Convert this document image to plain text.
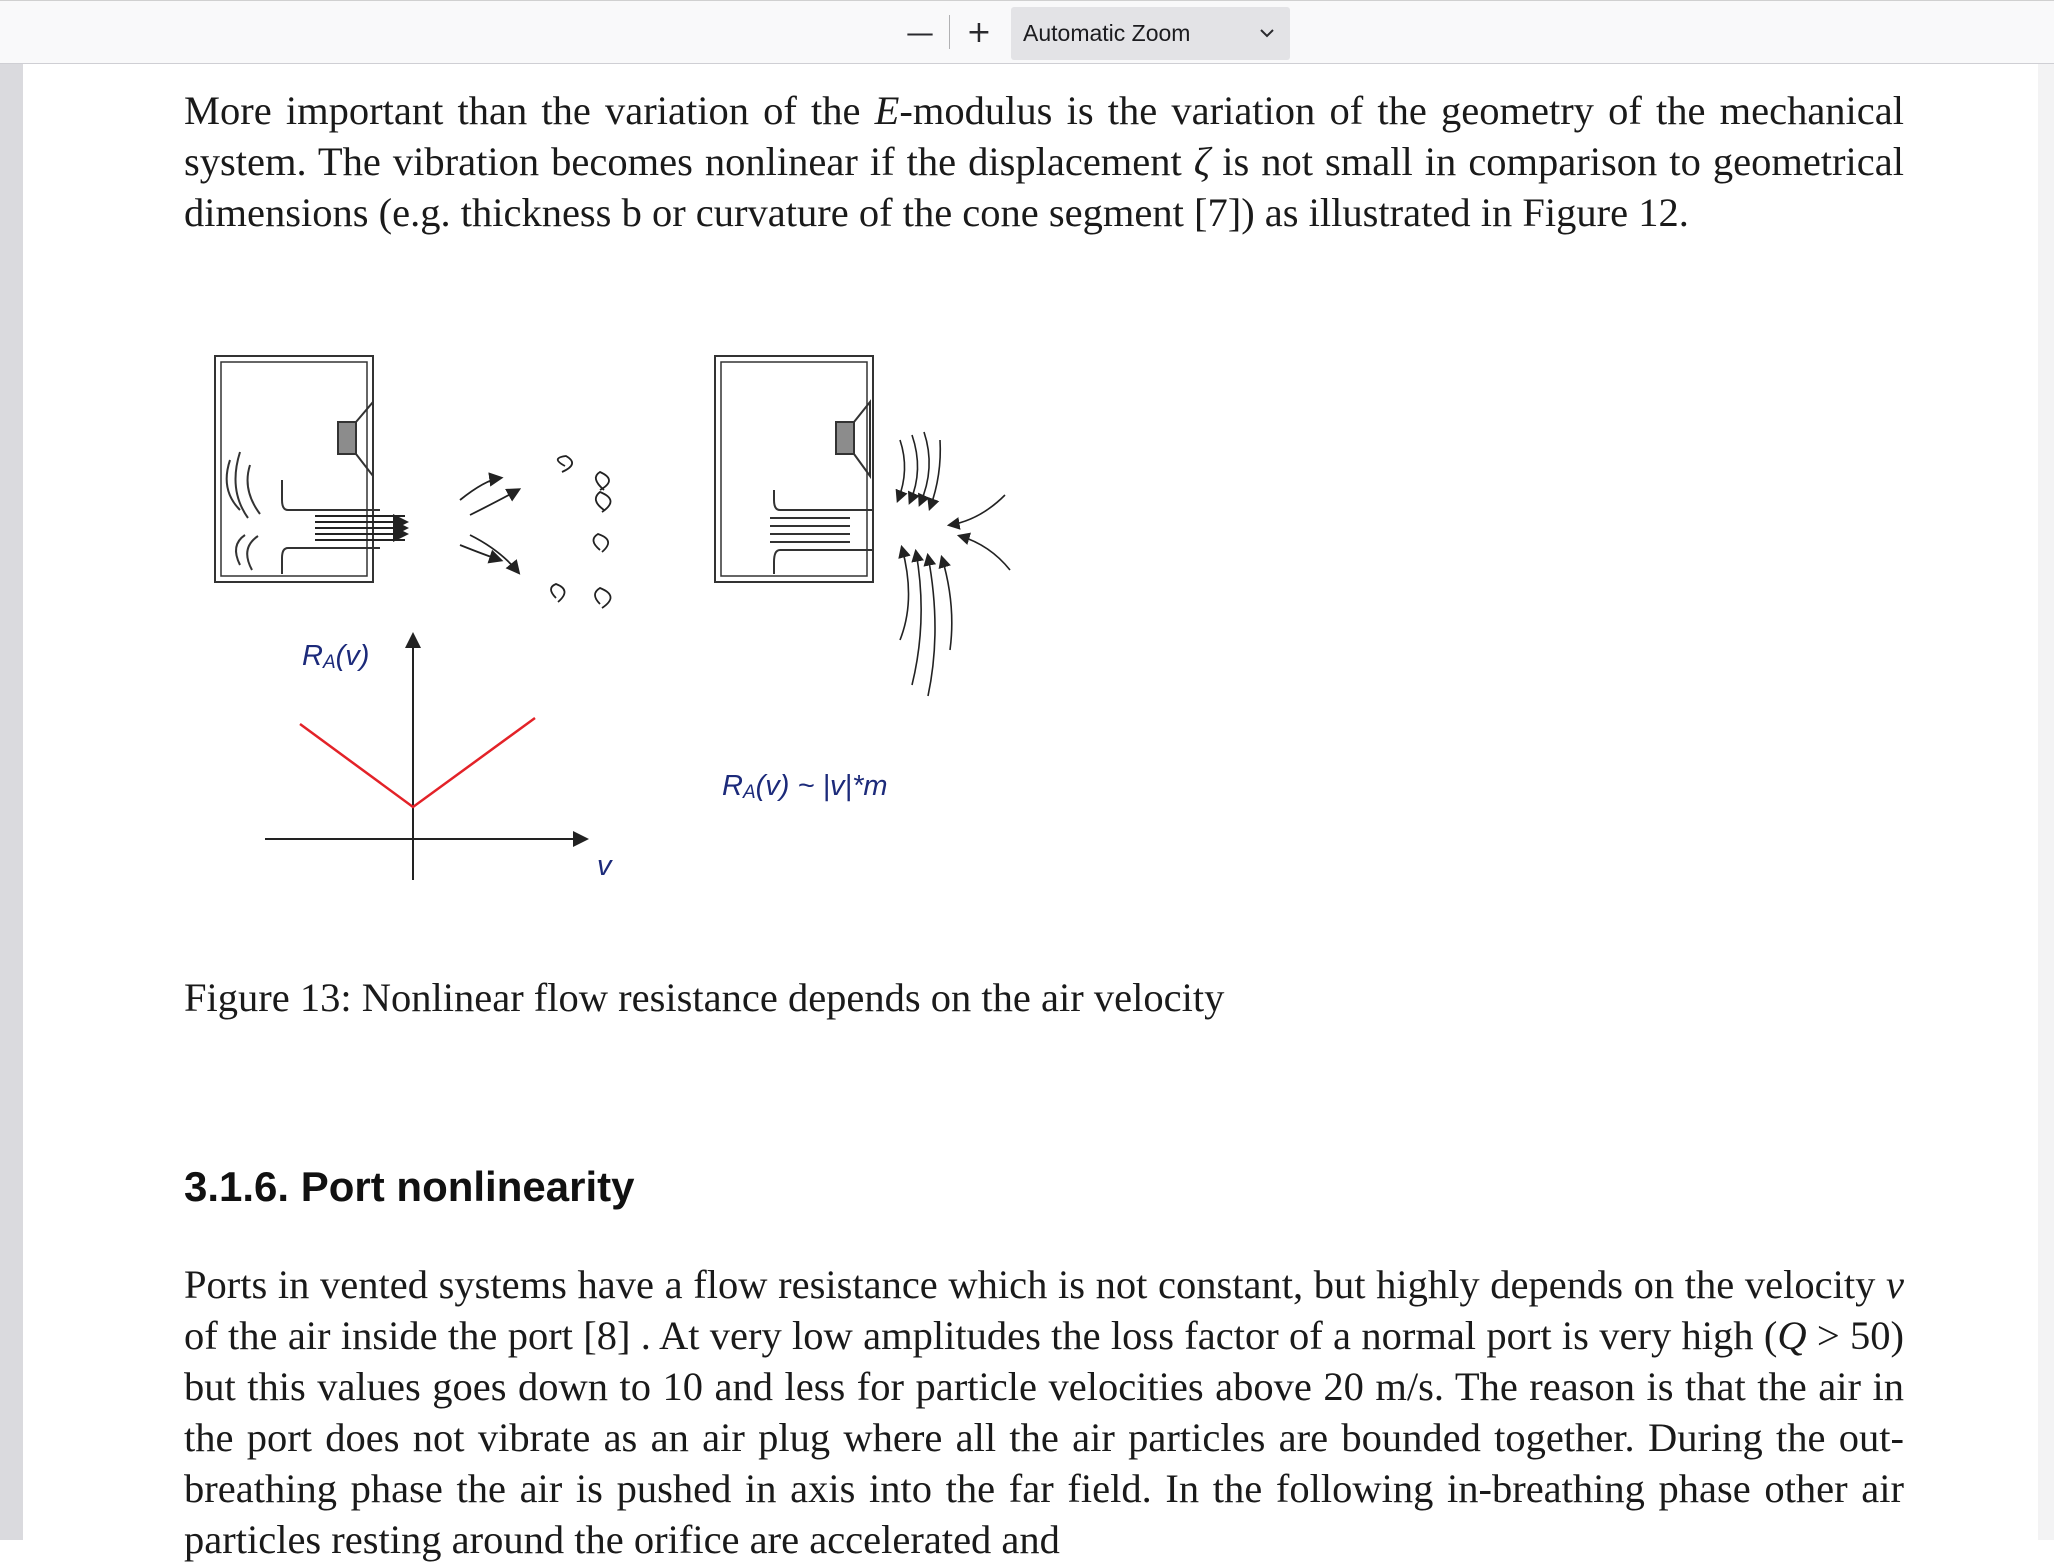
— + Automatic Zoom
More important than the variation of the E-modulus is the variation of the geometry of the mechanical system. The vibration becomes nonlinear if the displacement ζ is not small in comparison to geometrical dimensions (e.g. thickness b or curvature of the cone segment [7]) as illustrated in Figure 12.
$R_A(v)$
$R_A(v)$ ~ |v|*m
v
Figure 13: Nonlinear flow resistance depends on the air velocity
3.1.6. Port nonlinearity
Ports in vented systems have a flow resistance which is not constant, but highly depends on the velocity v of the air inside the port [8] . At very low amplitudes the loss factor of a normal port is very high (Q > 50) but this values goes down to 10 and less for particle velocities above 20 m/s. The reason is that the air in the port does not vibrate as an air plug where all the air particles are bounded together. During the out-breathing phase the air is pushed in axis into the far field. In the following in-breathing phase other air particles resting around the orifice are accelerated and
